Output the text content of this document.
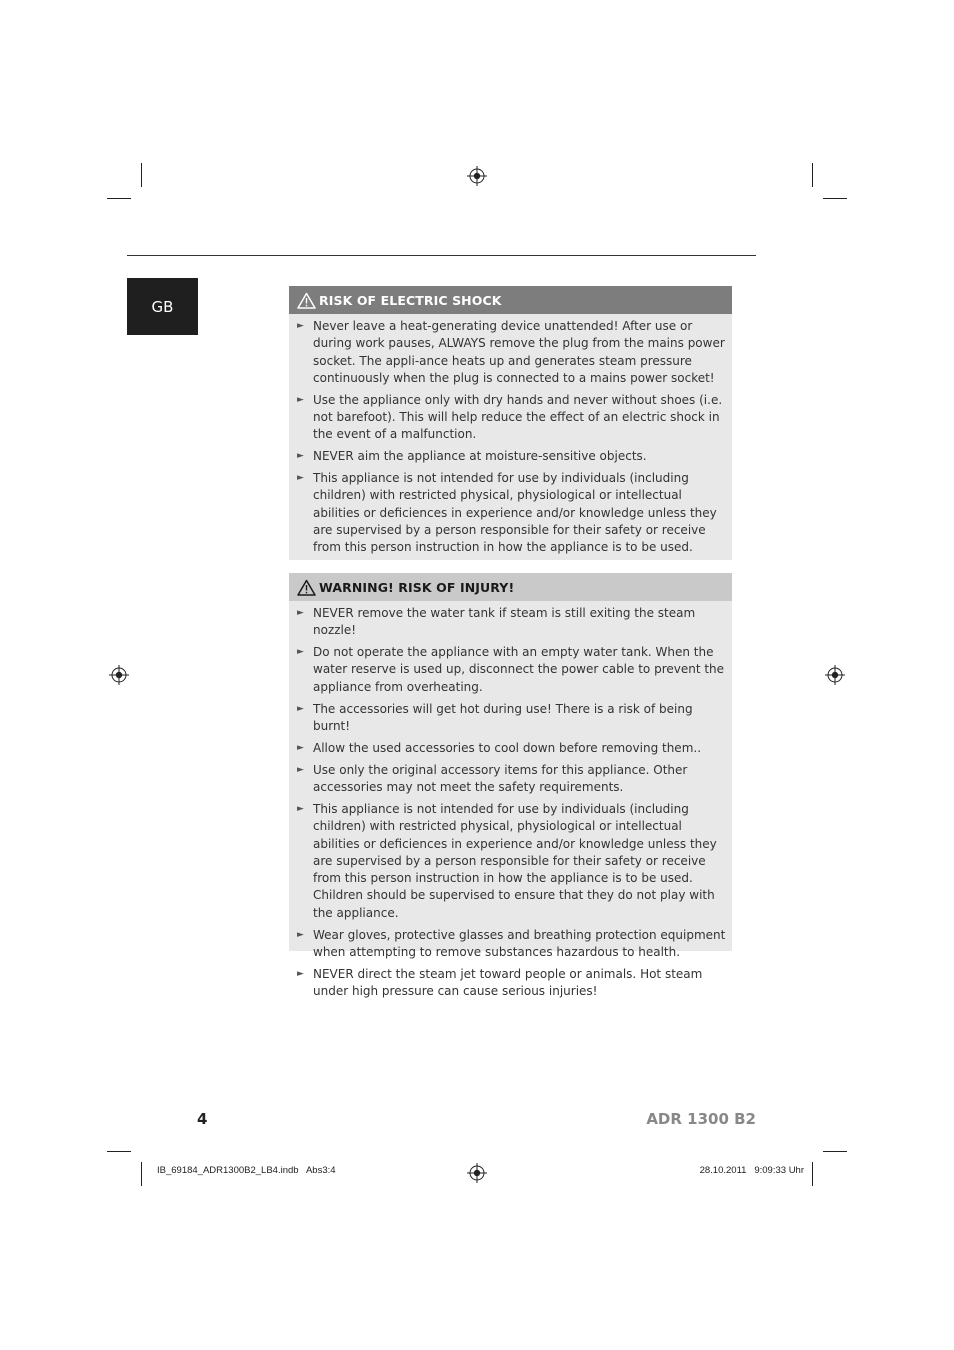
GB	RISK OF ELECTRIC SHOCK
► Never leave a heat-generating device unattended! After use or during work pauses, ALWAYS remove the plug from the mains power socket. The appli-ance heats up and generates steam pressure continuously when the plug is connected to a mains power socket!
► Use the appliance only with dry hands and never without shoes (i.e. not barefoot). This will help reduce the effect of an electric shock in the event of a malfunction.
► NEVER aim the appliance at moisture-sensitive objects.
► This appliance is not intended for use by individuals (including children) with restricted physical, physiological or intellectual abilities or deficiences in experience and/or knowledge unless they are supervised by a person responsible for their safety or receive from this person instruction in how the appliance is to be used.
WARNING! RISK OF INJURY!
► NEVER remove the water tank if steam is still exiting the steam nozzle!
► Do not operate the appliance with an empty water tank. When the water reserve is used up, disconnect the power cable to prevent the appliance from overheating.
► The accessories will get hot during use! There is a risk of being burnt!
► Allow the used accessories to cool down before removing them..
► Use only the original accessory items for this appliance. Other accessories may not meet the safety requirements.
► This appliance is not intended for use by individuals (including children) with restricted physical, physiological or intellectual abilities or deficiences in experience and/or knowledge unless they are supervised by a person responsible for their safety or receive from this person instruction in how the appliance is to be used. Children should be supervised to ensure that they do not play with the appliance.
► Wear gloves, protective glasses and breathing protection equipment when attempting to remove substances hazardous to health.
► NEVER direct the steam jet toward people or animals. Hot steam under high pressure can cause serious injuries!
4	ADR 1300 B2
IB_69184_ADR1300B2_LB4.indb   Abs3:4	28.10.2011   9:09:33 Uhr
